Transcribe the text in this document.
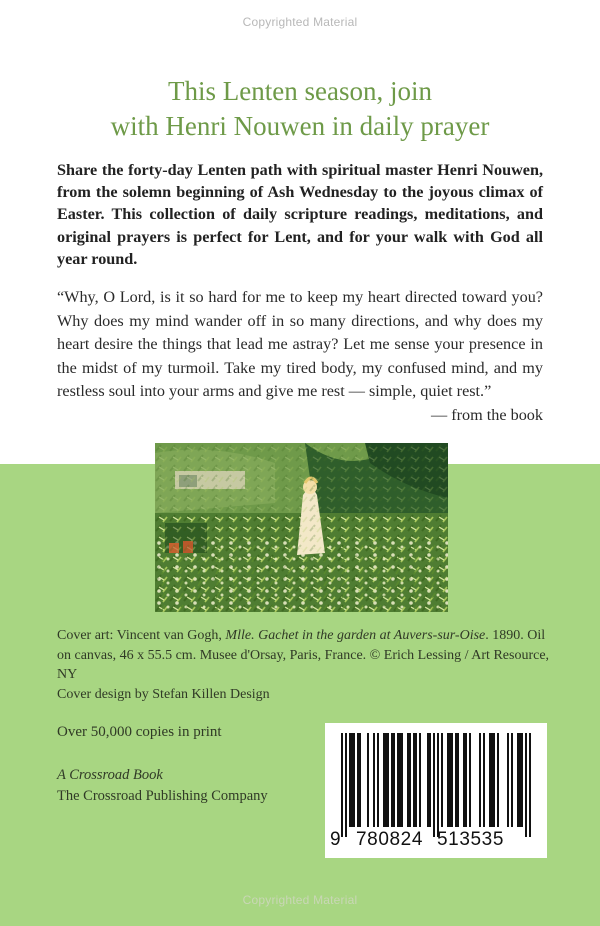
Copyrighted Material
This Lenten season, join
with Henri Nouwen in daily prayer
Share the forty-day Lenten path with spiritual master Henri Nouwen, from the solemn beginning of Ash Wednesday to the joyous climax of Easter. This collection of daily scripture readings, meditations, and original prayers is perfect for Lent, and for your walk with God all year round.
“Why, O Lord, is it so hard for me to keep my heart directed toward you? Why does my mind wander off in so many directions, and why does my heart desire the things that lead me astray? Let me sense your presence in the midst of my turmoil. Take my tired body, my confused mind, and my restless soul into your arms and give me rest — simple, quiet rest.”
— from the book

Cover art: Vincent van Gogh, Mlle. Gachet in the garden at Auvers-sur-Oise. 1890. Oil on canvas, 46 x 55.5 cm. Musee d'Orsay, Paris, France. © Erich Lessing / Art Resource, NY

Cover design by Stefan Killen Design

Over 50,000 copies in print
A Crossroad Book
The Crossroad Publishing Company
9 780824 513535
Copyrighted Material
